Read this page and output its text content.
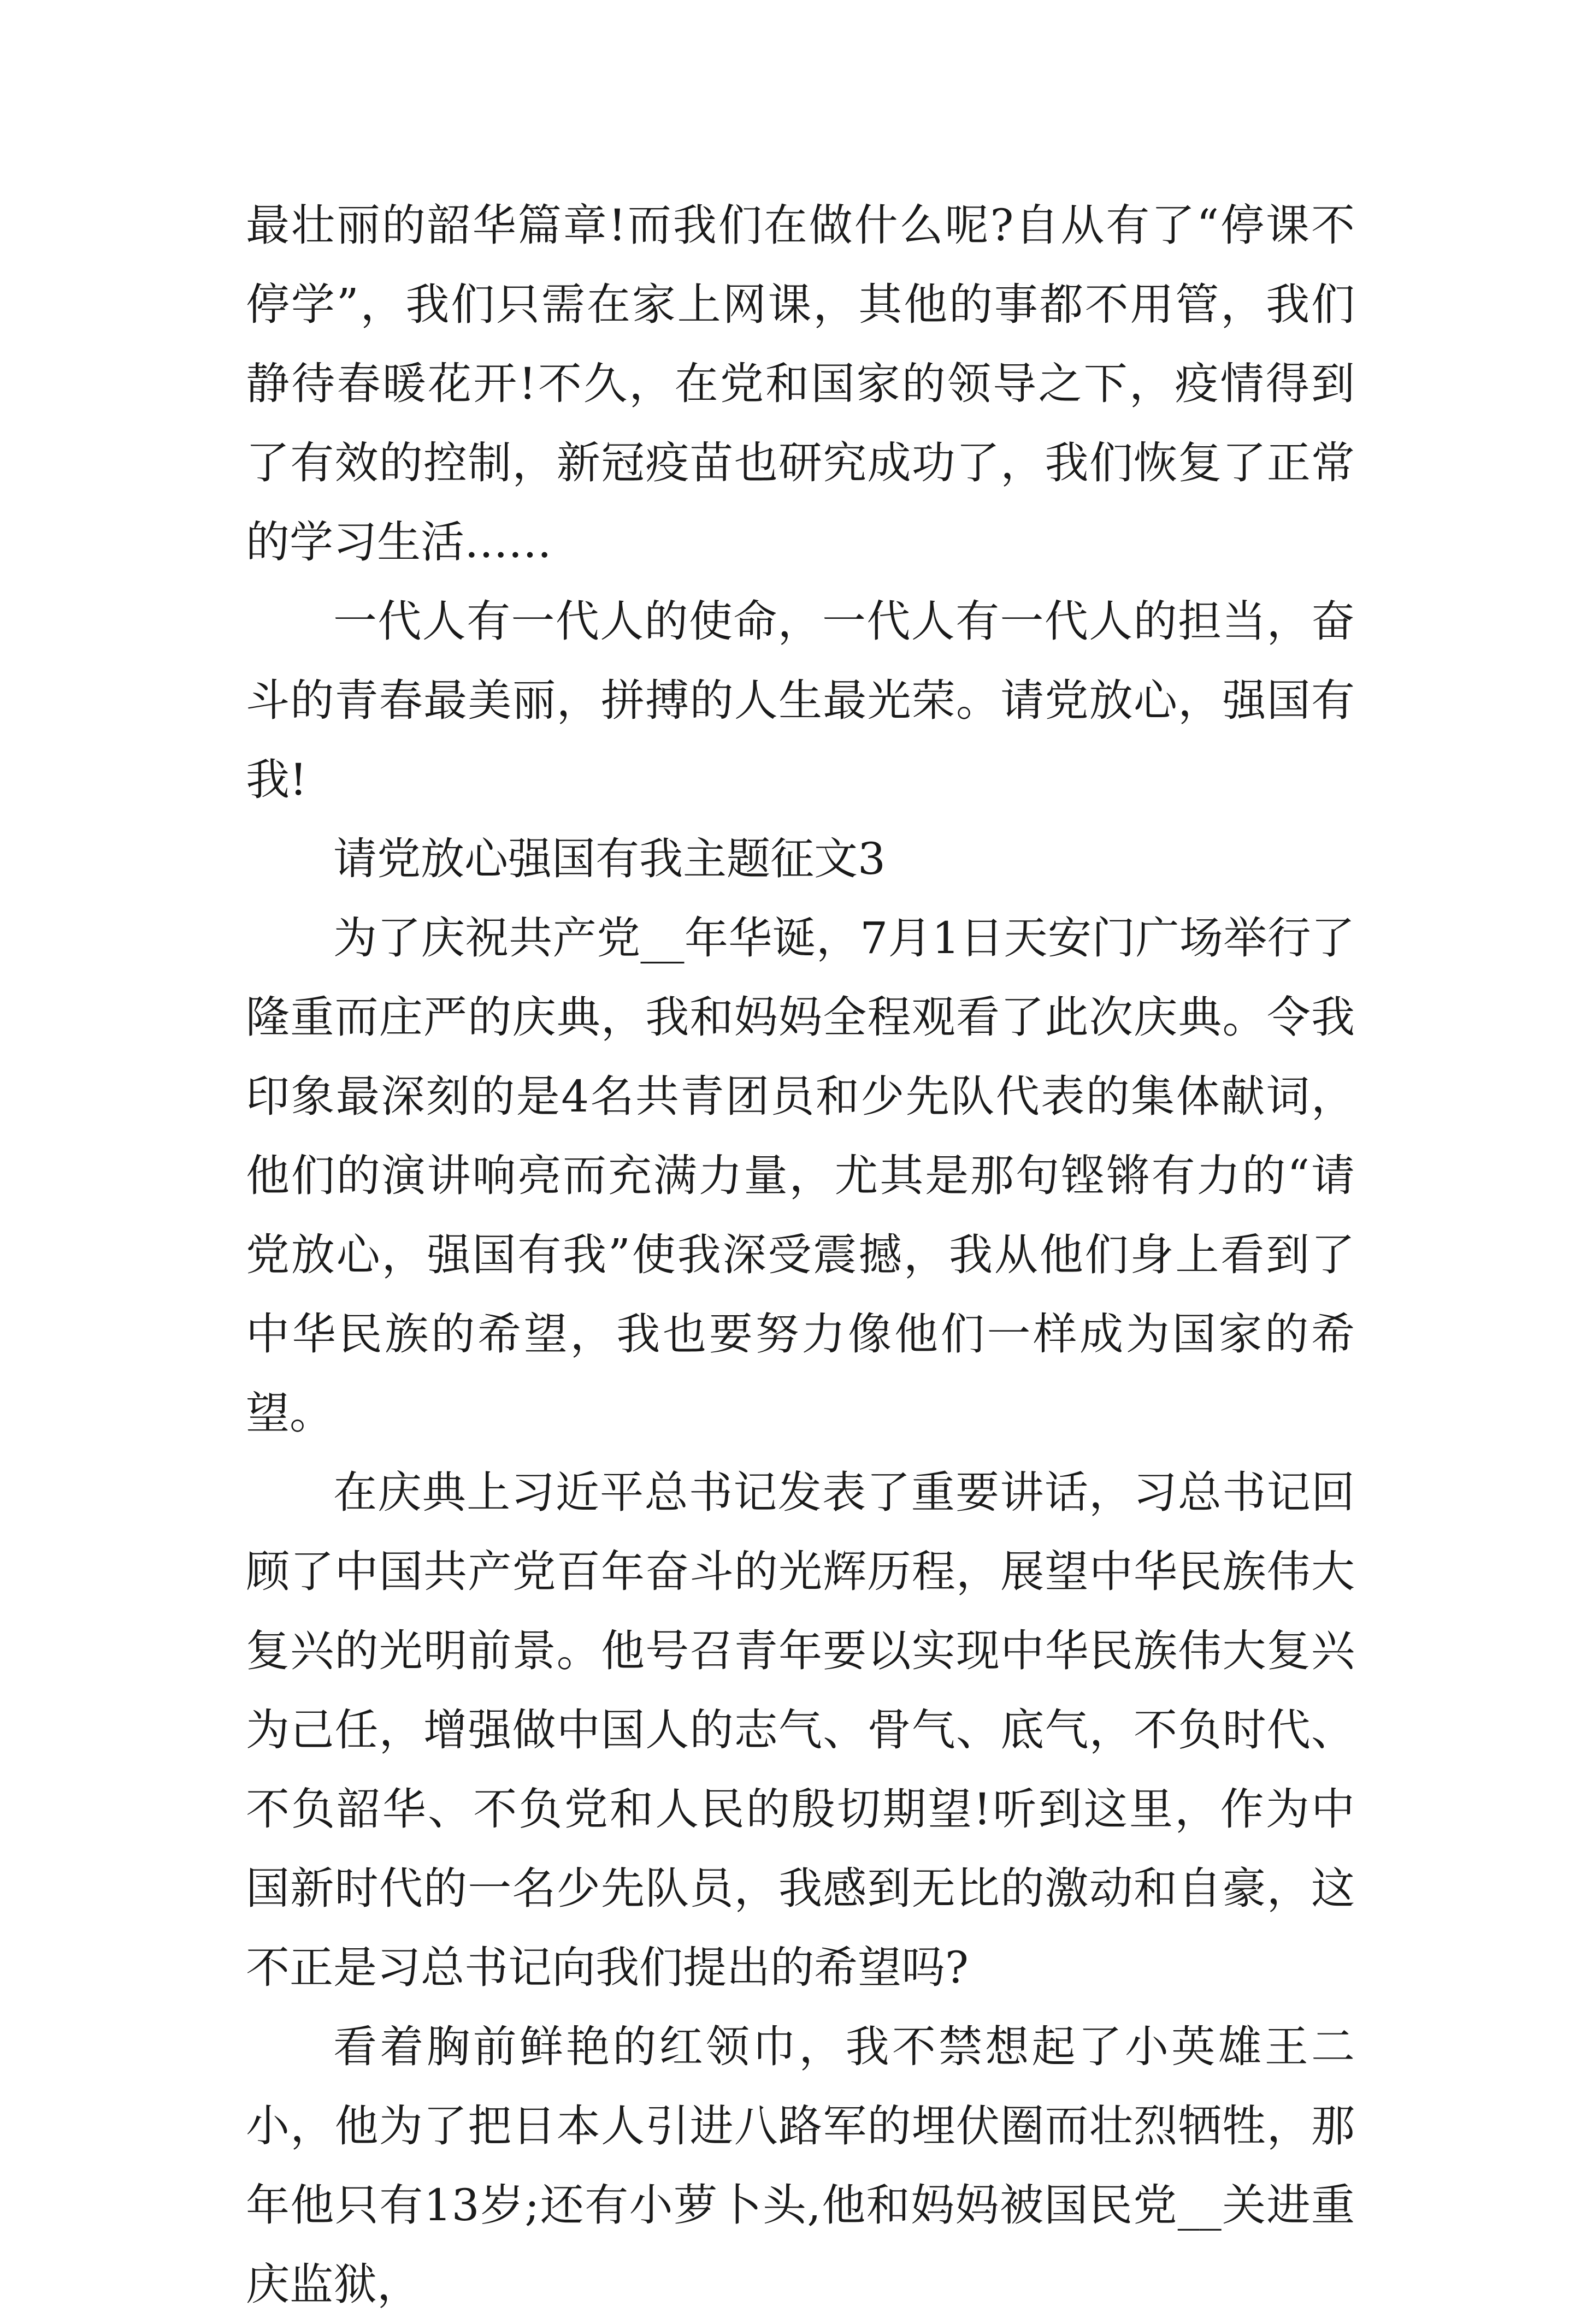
最壮丽的韶华篇章!而我们在做什么呢?自从有了“停课不停学”，我们只需在家上网课，其他的事都不用管，我们静待春暖花开!不久，在党和国家的领导之下，疫情得到了有效的控制，新冠疫苗也研究成功了，我们恢复了正常的学习生活……

一代人有一代人的使命，一代人有一代人的担当，奋斗的青春最美丽，拼搏的人生最光荣。请党放心，强国有我!

请党放心强国有我主题征文3

为了庆祝共产党__年华诞，7月1日天安门广场举行了隆重而庄严的庆典，我和妈妈全程观看了此次庆典。令我印象最深刻的是4名共青团员和少先队代表的集体献词，他们的演讲响亮而充满力量，尤其是那句铿锵有力的“请党放心，强国有我”使我深受震撼，我从他们身上看到了中华民族的希望，我也要努力像他们一样成为国家的希望。

在庆典上习近平总书记发表了重要讲话，习总书记回顾了中国共产党百年奋斗的光辉历程，展望中华民族伟大复兴的光明前景。他号召青年要以实现中华民族伟大复兴为己任，增强做中国人的志气、骨气、底气，不负时代、不负韶华、不负党和人民的殷切期望!听到这里，作为中国新时代的一名少先队员，我感到无比的激动和自豪，这不正是习总书记向我们提出的希望吗?

看着胸前鲜艳的红领巾，我不禁想起了小英雄王二小，他为了把日本人引进八路军的埋伏圈而壮烈牺牲，那年他只有13岁;还有小萝卜头,他和妈妈被国民党__关进重庆监狱，
